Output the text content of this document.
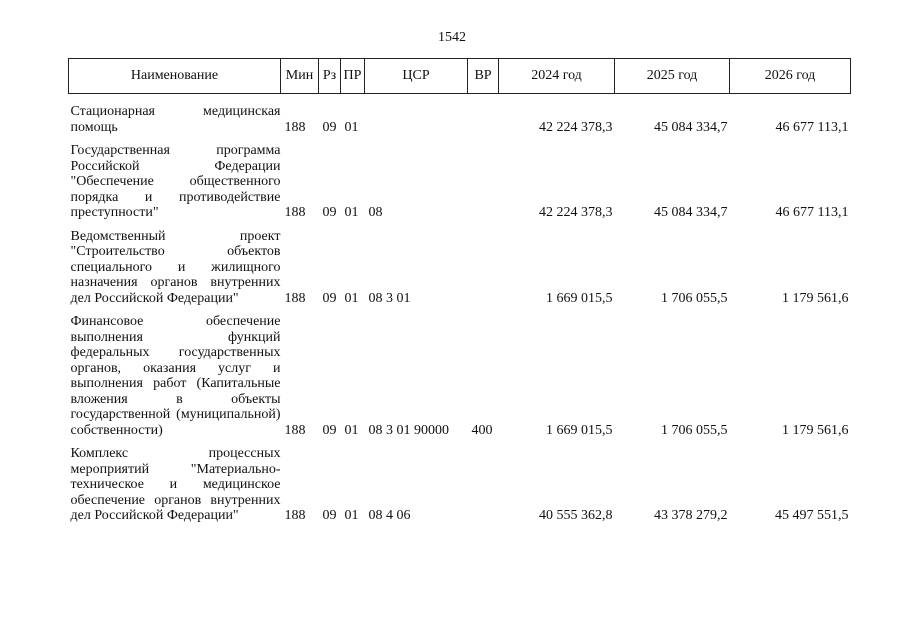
1542
Наименование	Мин	Рз	ПР	ЦСР	ВР	2024 год	2025 год	2026 год
Стационарная медицинская помощь	188	09	01			42 224 378,3	45 084 334,7	46 677 113,1
Государственная программа Российской Федерации "Обеспечение общественного порядка и противодействие преступности"	188	09	01	08		42 224 378,3	45 084 334,7	46 677 113,1
Ведомственный проект "Строительство объектов специального и жилищного назначения органов внутренних дел Российской Федерации"	188	09	01	08 3 01		1 669 015,5	1 706 055,5	1 179 561,6
Финансовое обеспечение выполнения функций федеральных государственных органов, оказания услуг и выполнения работ (Капитальные вложения в объекты государственной (муниципальной) собственности)	188	09	01	08 3 01 90000	400	1 669 015,5	1 706 055,5	1 179 561,6
Комплекс процессных мероприятий "Материально-техническое и медицинское обеспечение органов внутренних дел Российской Федерации"	188	09	01	08 4 06		40 555 362,8	43 378 279,2	45 497 551,5
